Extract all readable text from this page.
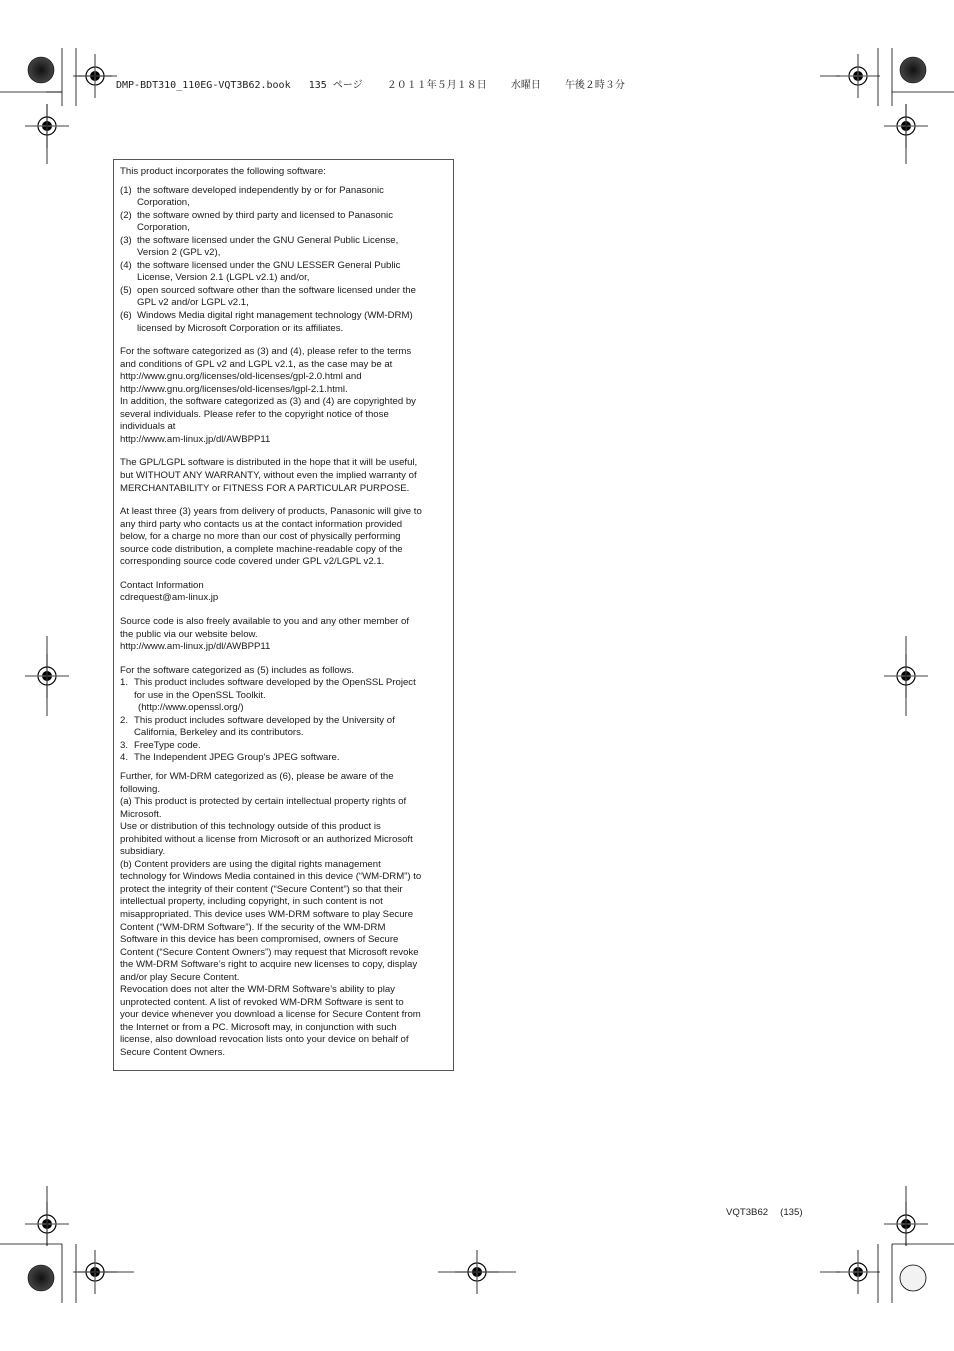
DMP-BDT310_110EG-VQT3B62.book 135 ページ ２０１１年５月１８日 水曜日 午後２時３分

This product incorporates the following software:

(1) the software developed independently by or for Panasonic
Corporation,
(2) the software owned by third party and licensed to Panasonic
Corporation,
(3) the software licensed under the GNU General Public License,
Version 2 (GPL v2),
(4) the software licensed under the GNU LESSER General Public
License, Version 2.1 (LGPL v2.1) and/or,
(5) open sourced software other than the software licensed under the
GPL v2 and/or LGPL v2.1,
(6) Windows Media digital right management technology (WM-DRM)
licensed by Microsoft Corporation or its affiliates.

For the software categorized as (3) and (4), please refer to the terms

and conditions of GPL v2 and LGPL v2.1, as the case may be at

http://www.gnu.org/licenses/old-licenses/gpl-2.0.html and

http://www.gnu.org/licenses/old-licenses/lgpl-2.1.html.

In addition, the software categorized as (3) and (4) are copyrighted by

several individuals. Please refer to the copyright notice of those

individuals at

http://www.am-linux.jp/dl/AWBPP11

The GPL/LGPL software is distributed in the hope that it will be useful,

but WITHOUT ANY WARRANTY, without even the implied warranty of

MERCHANTABILITY or FITNESS FOR A PARTICULAR PURPOSE.

At least three (3) years from delivery of products, Panasonic will give to

any third party who contacts us at the contact information provided

below, for a charge no more than our cost of physically performing

source code distribution, a complete machine-readable copy of the

corresponding source code covered under GPL v2/LGPL v2.1.

Contact Information

cdrequest@am-linux.jp

Source code is also freely available to you and any other member of

the public via our website below.

http://www.am-linux.jp/dl/AWBPP11

For the software categorized as (5) includes as follows.

1. This product includes software developed by the OpenSSL Project
for use in the OpenSSL Toolkit.
(http://www.openssl.org/)
2. This product includes software developed by the University of
California, Berkeley and its contributors.
3. FreeType code.
4. The Independent JPEG Group's JPEG software.

Further, for WM-DRM categorized as (6), please be aware of the

following.

(a) This product is protected by certain intellectual property rights of

Microsoft.

Use or distribution of this technology outside of this product is

prohibited without a license from Microsoft or an authorized Microsoft

subsidiary.

(b) Content providers are using the digital rights management

technology for Windows Media contained in this device (“WM-DRM”) to

protect the integrity of their content (“Secure Content”) so that their

intellectual property, including copyright, in such content is not

misappropriated. This device uses WM-DRM software to play Secure

Content (“WM-DRM Software”). If the security of the WM-DRM

Software in this device has been compromised, owners of Secure

Content (“Secure Content Owners”) may request that Microsoft revoke

the WM-DRM Software’s right to acquire new licenses to copy, display

and/or play Secure Content.

Revocation does not alter the WM-DRM Software’s ability to play

unprotected content. A list of revoked WM-DRM Software is sent to

your device whenever you download a license for Secure Content from

the Internet or from a PC. Microsoft may, in conjunction with such

license, also download revocation lists onto your device on behalf of

Secure Content Owners.

VQT3B62 (135)
